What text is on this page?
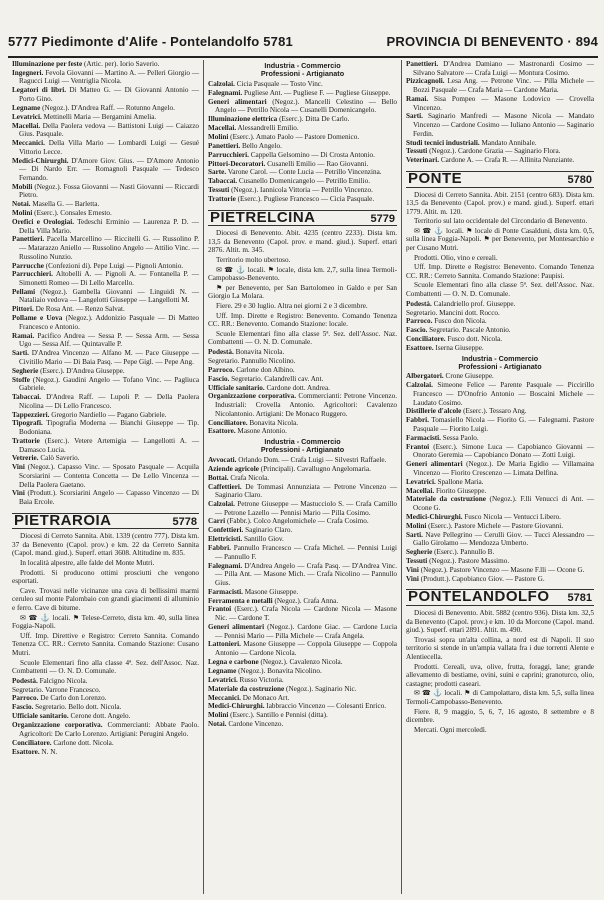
5777 Piedimonte d'Alife - Pontelandolfo 5781	PROVINCIA DI BENEVENTO · 894
Illuminazione per feste (Artic. per). Iorio Saverio.
Ingegneri. Fevola Giovanni — Martino A. — Pelleri Giorgio — Ragucci Luigi — Ventriglia Nicola.
Legatori di libri. Di Matteo G. — Di Giovanni Antonio — Porto Gino.
Legname (Negoz.). D'Andrea Raff. — Rotunno Angelo.
Levatrici. Mettinelli Maria — Bergamini Amelia.
Macellai. Della Paolera vedova — Battistoni Luigi — Caiazzo Gius. Pasquale.
Meccanici. Della Villa Mario — Lombardi Luigi — Gesué Vittorio Lecce.
Medici-Chirurghi. D'Amore Giov. Gius. — D'Amore Antonio — Di Nardo Err. — Romagnoli Pasquale — Tedesco Fernando.
Mobili (Negoz.). Fossa Giovanni — Nasti Giovanni — Riccardi Pietro.
Notai. Masella G. — Barletta.
Molini (Eserc.). Consales Ernesto.
Orefici e Orologiai. Tedeschi Erminio — Laurenza P. D. — Della Villa Mario.
Panettieri. Pacella Marcellino — Riccitelli G. — Russolino P. — Matarazzo Aniello — Russolino Angelo — Attilio Vinc. — Russolino Nunzio.
Parrucche (Confezioni di). Pepe Luigi — Pignoli Antonio.
Parrucchieri. Altobelli A. — Pignoli A. — Fontanella P. — Simonetti Romeo — Di Lello Marcello.
Pellami (Negoz.). Gambella Giovanni — Linguidi N. — Nataliaio vedova — Langelotti Giuseppe — Langellotti M.
Pittori. De Rosa Ant. — Renzo Salvat.
Pollame e Uova (Negoz.). Addonizio Pasquale — Di Matteo Francesco e Antonio.
Ramai. Pacifico Andrea — Sessa P. — Sessa Arm. — Sessa Ugo — Sessa Alf. — Quintavalle P.
Sarti. D'Andrea Vincenzo — Alfano M. — Pace Giuseppe — Civitillo Mario — Di Baia Pasq. — Pepe Gigl. — Pepe Ang.
Segherie (Eserc.). D'Andrea Giuseppe.
Stoffe (Negoz.). Gaudini Angelo — Tofano Vinc. — Pagliuca Gabriele.
Tabaccai. D'Andrea Raff. — Lupoli P. — Della Paolera Nicolina — Di Lello Francesco.
Tappezzieri. Gregorio Nardiello — Pagano Gabriele.
Tipografi. Tipografia Moderna — Bianchi Giuseppe — Tip. Bodoniana.
Trattorie (Eserc.). Vetere Artemigia — Langellotti A. — Damasco Lucia.
Vetrerie. Calò Saverio.
Vini (Negoz.). Capasso Vinc. — Sposato Pasquale — Acquila Scorsiarini — Contenta Concetta — De Lello Vincenza — Della Paolera Gaetano.
Vini (Produtt.). Scorsiarini Angelo — Capasso Vincenzo — Di Baia Ercole.
PIETRAROIA	5778
Diocesi di Cerreto Sannita. Abit. 1339 (centro 777). Dista km. 37 da Benevento (Capol. prov.) e km. 22 da Cerreto Sannita (Capol. mand. giud.). Superf. ettari 3608. Altitudine m. 835.
In località alpestre, alle falde del Monte Mutri.
Prodotti. Si producono ottimi prosciutti che vengono esportati.
Cave. Trovasi nelle vicinanze una cava di bellissimi marmi ceruleo sul monte Palombaio con grandi giacimenti di alluminio e ferro. Cave di bitume.
✉ ☎ ⚓ locali. ⚑ Telese-Cerreto, dista km. 40, sulla linea Foggia-Napoli.
Uff. Imp. Direttive e Registro: Cerreto Sannita. Comando Tenenza CC. RR.: Cerreto Sannita. Comando Stazione: Cusano Mutri.
Scuole Elementari fino alla classe 4ª. Sez. dell'Assoc. Naz. Combattenti — O. N. D. Comunale.
Podestà. Falcigno Nicola.
Segretario. Varrone Francesco.
Parroco. De Carlo don Lorenzo.
Fascio. Segretario. Bello dott. Nicola.
Ufficiale sanitario. Cerone dott. Angelo.
Organizzazione corporativa. Commercianti: Abbate Paolo. Agricoltori: De Carlo Lorenzo. Artigiani: Perugini Angelo.
Conciliatore. Carlone dott. Nicola.
Esattore. N. N.
Industria - Commercio
Professioni - Artigianato
Calzolai. Cicia Pasquale — Tosto Vinc.
Falegnami. Pugliese Ant. — Pugliese F. — Pugliese Giuseppe.
Generi alimentari (Negoz.). Mancelli Celestino — Bello Angelo — Petrillo Nicola — Cusanelli Domenicangelo.
Illuminazione elettrica (Eserc.). Ditta De Carlo.
Macellai. Alessandrelli Emilio.
Molini (Eserc.). Amato Paolo — Pastore Domenico.
Panettieri. Bello Angelo.
Parrucchieri. Cappella Gelsomino — Di Crosta Antonio.
Pittori-Decoratori. Cusanelli Emilio — Rao Giovanni.
Sarte. Varone Carol. — Conte Lucia — Petrillo Vincenzina.
Tabaccai. Cusanello Domenicangelo — Petrillo Emilio.
Tessuti (Negoz.). Iannicola Vittoria — Petrillo Vincenzo.
Trattorie (Eserc.). Pugliese Francesco — Cicia Pasquale.
PIETRELCINA	5779
Diocesi di Benevento. Abit. 4235 (centro 2233). Dista km. 13,5 da Benevento (Capol. prov. e mand. giud.). Superf. ettari 2876. Altit. m. 345.
Territorio molto ubertoso.
✉ ☎ ⚓ locali. ⚑ locale, dista km. 2,7, sulla linea Termoli-Campobasso-Benevento.
⚑ per Benevento, per San Bartolomeo in Galdo e per San Giorgio La Molara.
Fiere. 29 e 30 luglio. Altra nei giorni 2 e 3 dicembre.
Uff. Imp. Dirette e Registro: Benevento. Comando Tenenza CC. RR.: Benevento. Comando Stazione: locale.
Scuole Elementari fino alla classe 5ª. Sez. dell'Assoc. Naz. Combattenti — O. N. D. Comunale.
Podestà. Bonavita Nicola.
Segretario. Pannullo Nicolino.
Parroco. Carlone don Albino.
Fascio. Segretario. Calandrelli cav. Ant.
Ufficiale sanitario. Cardone dott. Andrea.
Organizzazione corporativa. Commercianti: Petrone Vincenzo. Industriali: Crovella Antonio. Agricoltori: Cavalenzo Nicolantonio. Artigiani: De Monaco Ruggero.
Conciliatore. Bonavita Nicola.
Esattore. Masone Antonio.
Industria - Commercio
Professioni - Artigianato
Avvocati. Orlando Dom. — Crafa Luigi — Silvestri Raffaele.
Aziende agricole (Principali). Cavallugno Angelomaria.
Bottai. Crafa Nicola.
Caffettieri. De Tommasi Annunziata — Petrone Vincenzo — Saginario Claro.
Calzolai. Petrone Giuseppe — Mastucciolo S. — Crafa Camillo — Petrone Lazello — Pennisi Mario — Pilla Cosimo.
Carri (Fabbr.). Colco Angelomichele — Crafa Cosimo.
Confettieri. Saginario Claro.
Elettricisti. Santillo Giov.
Fabbri. Pannullo Francesco — Crafa Michel. — Pennisi Luigi — Pannullo F.
Falegnami. D'Andrea Angelo — Crafa Pasq. — D'Andrea Vinc. — Pilla Ant. — Masone Mich. — Crafa Nicolino — Pannullo Gius.
Farmacisti. Masone Giuseppe.
Ferramenta e metalli (Negoz.). Crafa Anna.
Frantoi (Eserc.). Crafa Nicola — Cardone Nicola — Masone Nic. — Cardone T.
Generi alimentari (Negoz.). Cardone Giac. — Cardone Lucia — Pennisi Mario — Pilla Michele — Crafa Angela.
Lattonieri. Masone Giuseppe — Coppola Giuseppe — Coppola Antonio — Cardone Nicola.
Legna e carbone (Negoz.). Cavalenzo Nicola.
Legname (Negoz.). Bonavita Nicolino.
Levatrici. Russo Victoria.
Materiale da costruzione (Negoz.). Saginario Nic.
Meccanici. De Monaco Art.
Medici-Chirurghi. Iabbraccio Vincenzo — Colesanti Enrico.
Molini (Eserc.). Santillo e Pennisi (ditta).
Notai. Cardone Vincenzo.
Panettieri. D'Andrea Damiano — Mastronardi Cosimo — Silvano Salvatore — Crafa Luigi — Montura Cosimo.
Pizzicagnoli. Lesa Ang. — Petrone Vinc. — Pilla Michele — Bozzi Pasquale — Crafa Maria — Cardone Maria.
Ramai. Sisa Pompeo — Masone Lodovico — Crovella Vincenzo.
Sarti. Saginario Manfredi — Masone Nicola — Mandato Vincenzo — Cardone Cosimo — Iuliano Antonio — Saginario Ferdin.
Studi tecnici industriali. Mandato Annibale.
Tessuti (Negoz.). Cardone Grazia — Saginario Flora.
Veterinari. Cardone A. — Crafa R. — Allinita Nunziante.
PONTE	5780
Diocesi di Cerreto Sannita. Abit. 2151 (centro 683). Dista km. 13,5 da Benevento (Capol. prov.) e mand. giud.). Superf. ettari 1779. Altit. m. 120.
Territorio sul lato occidentale del Circondario di Benevento.
✉ ☎ ⚓ locali. ⚑ locale di Ponte Casalduni, dista km. 0,5, sulla linea Foggia-Napoli. ⚑ per Benevento, per Montesarchio e per Cusano Mutri.
Prodotti. Olio, vino e cereali.
Uff. Imp. Dirette e Registro: Benevento. Comando Tenenza CC. RR.: Cerreto Sannita. Comando Stazione: Paupisi.
Scuole Elementari fino alla classe 5ª. Sez. dell'Assoc. Naz. Combattenti — O. N. D. Comunale.
Podestà. Calandriello prof. Giuseppe.
Segretario. Mancini dott. Rocco.
Parroco. Fusco don Nicola.
Fascio. Segretario. Pascale Antonio.
Conciliatore. Fusco dott. Nicola.
Esattore. Iserna Giuseppe.
Industria - Commercio
Professioni - Artigianato
Albergatori. Crone Giuseppe.
Calzolai. Simeone Felice — Parente Pasquale — Piccirillo Francesco — D'Onofrio Antonio — Boscaini Michele — Laudato Cosimo.
Distillerie d'alcole (Eserc.). Tessaro Ang.
Fabbri. Tomasiello Nicola — Fiorito G. — Falegnami. Pastore Pasquale — Fiorito Luigi.
Farmacisti. Sessa Paolo.
Frantoi (Eserc.). Simone Luca — Capobianco Giovanni — Onorato Geremia — Capobianco Donato — Zotti Luigi.
Generi alimentari (Negoz.). De Maria Egidio — Villamaina Vincenzo — Fiorito Crescenzo — Limata Delfina.
Levatrici. Spallone Maria.
Macellai. Fiorito Giuseppe.
Materiale da costruzione (Negoz.). F.lli Venucci di Ant. — Ocone G.
Medici-Chirurghi. Fusco Nicola — Ventucci Libero.
Molini (Eserc.). Pastore Michele — Pastore Giovanni.
Sarti. Nave Pellegrino — Cerulli Giov. — Tucci Alessandro — Gallo Girolamo — Mendozza Umberto.
Segherie (Eserc.). Pannullo B.
Tessuti (Negoz.). Pastore Massimo.
Vini (Negoz.). Pastore Vincenzo — Masone F.lli — Ocone G.
Vini (Produtt.). Capobianco Giov. — Pastore G.
PONTELANDOLFO 5781
Diocesi di Benevento. Abit. 5882 (centro 936). Dista km. 32,5 da Benevento (Capol. prov.) e km. 10 da Morcone (Capol. mand. giud.). Superf. ettari 2891. Altit. m. 490.
Trovasi sopra un'alta collina, a nord est di Napoli. Il suo territorio si stende in un'ampia vallata fra i due torrenti Alente e Alentiecella.
Prodotti. Cereali, uva, olive, frutta, foraggi, lane; grande allevamento di bestiame, ovini, suini e caprini; granoturco, olio, castagne; prodotti caseari.
✉ ☎ ⚓ locali. ⚑ di Campolattaro, dista km. 5,5, sulla linea Termoli-Campobasso-Benevento.
Fiere. 8, 9 maggio, 5, 6, 7, 16 agosto, 8 settembre e 8 dicembre.
Mercati. Ogni mercoledì.
